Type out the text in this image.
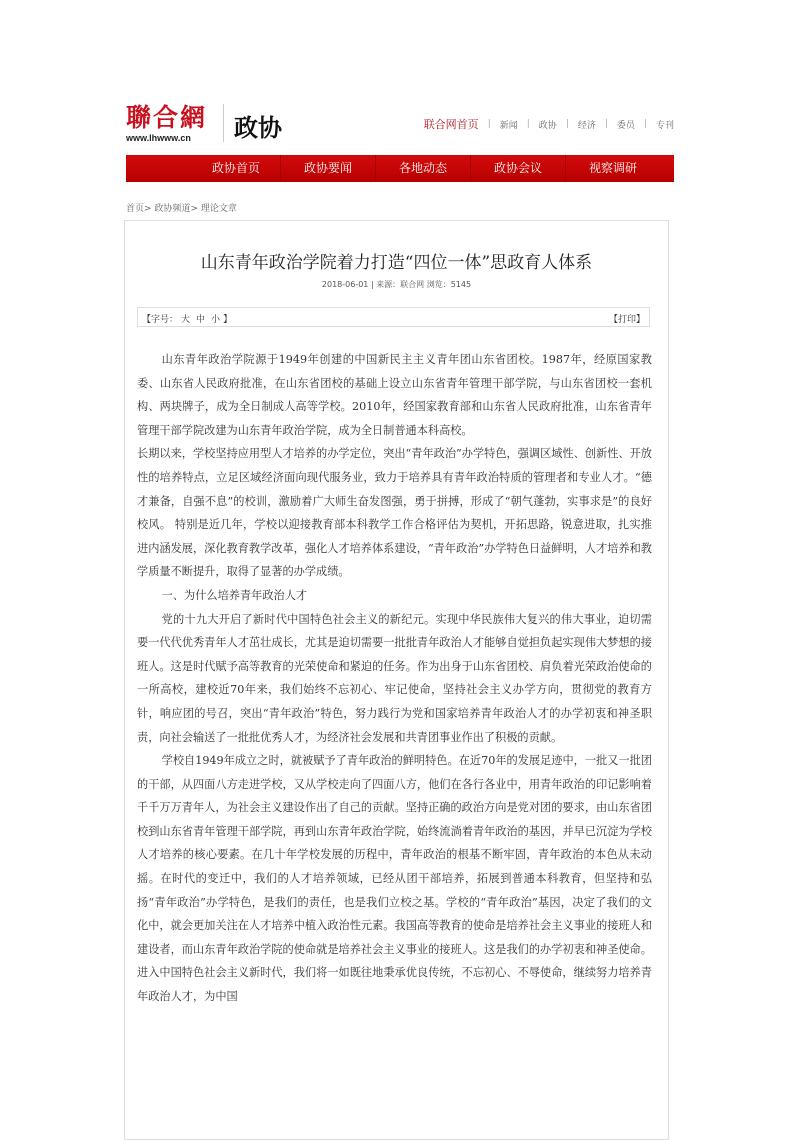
聯合網
www.lhwww.cn	政协	联合网首页 | 新闻 | 政协 | 经济 | 委员 | 专刊
政协首页	政协要闻	各地动态	政协会议	视察调研
首页> 政协频道> 理论文章
山东青年政治学院着力打造“四位一体”思政育人体系
2018-06-01 | 来源：联合网 浏览：5145
【字号： 大 中 小 】	【打印】

山东青年政治学院源于1949年创建的中国新民主主义青年团山东省团校。1987年，经原国家教委、山东省人民政府批准，在山东省团校的基础上设立山东省青年管理干部学院，与山东省团校一套机构、两块牌子，成为全日制成人高等学校。2010年，经国家教育部和山东省人民政府批准，山东省青年管理干部学院改建为山东青年政治学院，成为全日制普通本科高校。

长期以来，学校坚持应用型人才培养的办学定位，突出“青年政治”办学特色，强调区域性、创新性、开放性的培养特点，立足区域经济面向现代服务业，致力于培养具有青年政治特质的管理者和专业人才。“德才兼备，自强不息”的校训，激励着广大师生奋发图强，勇于拼搏，形成了“朝气蓬勃，实事求是”的良好校风。 特别是近几年，学校以迎接教育部本科教学工作合格评估为契机，开拓思路，锐意进取，扎实推进内涵发展，深化教育教学改革，强化人才培养体系建设，“青年政治”办学特色日益鲜明，人才培养和教学质量不断提升，取得了显著的办学成绩。

一、为什么培养青年政治人才

党的十九大开启了新时代中国特色社会主义的新纪元。实现中华民族伟大复兴的伟大事业，迫切需要一代代优秀青年人才茁壮成长，尤其是迫切需要一批批青年政治人才能够自觉担负起实现伟大梦想的接班人。这是时代赋予高等教育的光荣使命和紧迫的任务。作为出身于山东省团校、肩负着光荣政治使命的一所高校，建校近70年来，我们始终不忘初心、牢记使命，坚持社会主义办学方向，贯彻党的教育方针，响应团的号召，突出“青年政治”特色，努力践行为党和国家培养青年政治人才的办学初衷和神圣职责，向社会输送了一批批优秀人才，为经济社会发展和共青团事业作出了积极的贡献。

学校自1949年成立之时，就被赋予了青年政治的鲜明特色。在近70年的发展足迹中，一批又一批团的干部，从四面八方走进学校，又从学校走向了四面八方，他们在各行各业中，用青年政治的印记影响着千千万万青年人，为社会主义建设作出了自己的贡献。坚持正确的政治方向是党对团的要求，由山东省团校到山东省青年管理干部学院，再到山东青年政治学院，始终流淌着青年政治的基因，并早已沉淀为学校人才培养的核心要素。在几十年学校发展的历程中，青年政治的根基不断牢固，青年政治的本色从未动摇。在时代的变迁中，我们的人才培养领域，已经从团干部培养，拓展到普通本科教育，但坚持和弘扬“青年政治”办学特色，是我们的责任，也是我们立校之基。学校的“青年政治”基因，决定了我们的文化中，就会更加关注在人才培养中植入政治性元素。我国高等教育的使命是培养社会主义事业的接班人和建设者，而山东青年政治学院的使命就是培养社会主义事业的接班人。这是我们的办学初衷和神圣使命。进入中国特色社会主义新时代，我们将一如既往地秉承优良传统，不忘初心、不辱使命，继续努力培养青年政治人才，为中国
